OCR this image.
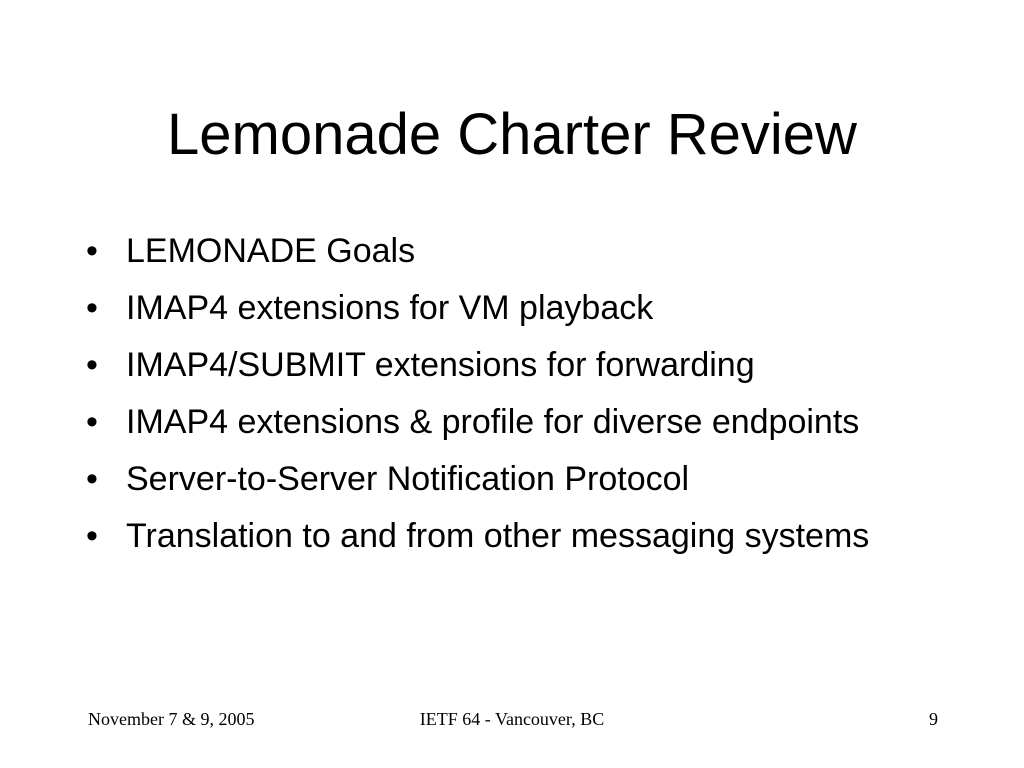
Lemonade Charter Review
• LEMONADE Goals
• IMAP4 extensions for VM playback
• IMAP4/SUBMIT extensions for forwarding
• IMAP4 extensions & profile for diverse endpoints
• Server-to-Server Notification Protocol
• Translation to and from other messaging systems
November 7 & 9, 2005	IETF 64 - Vancouver, BC	9
